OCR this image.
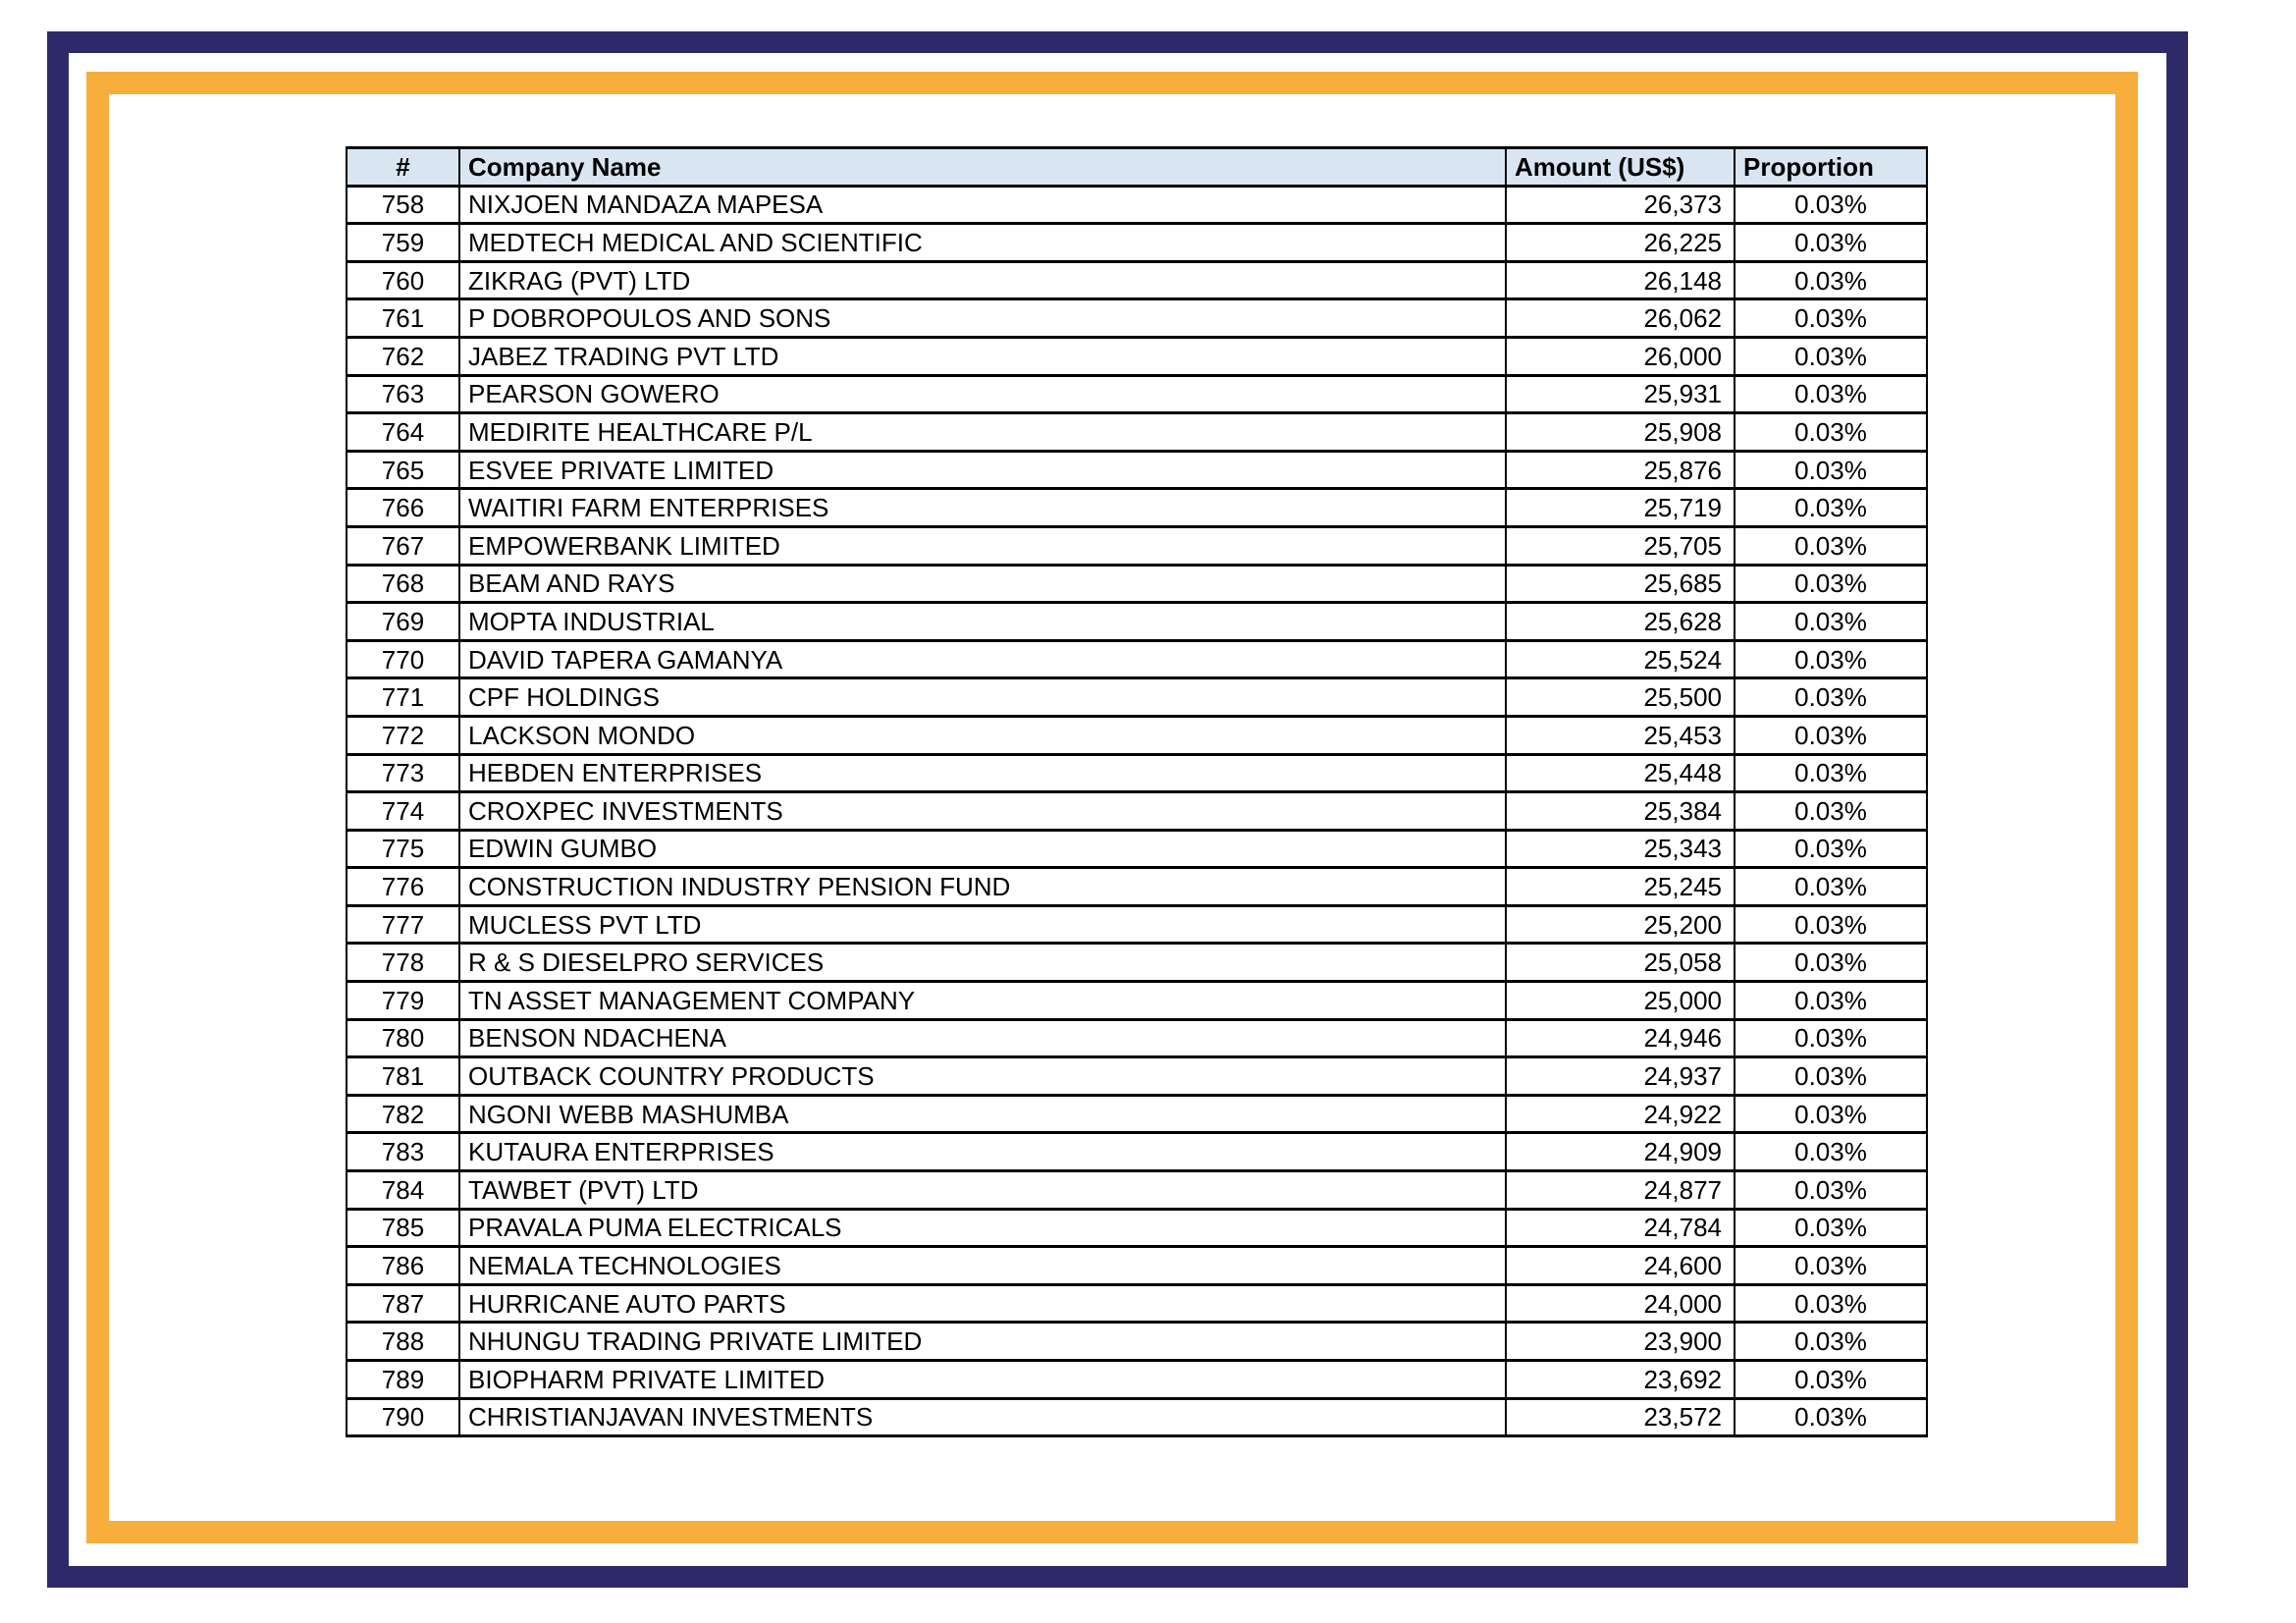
#	Company Name	Amount (US$)	Proportion
758	NIXJOEN MANDAZA MAPESA	26,373	0.03%
759	MEDTECH MEDICAL AND SCIENTIFIC	26,225	0.03%
760	ZIKRAG (PVT) LTD	26,148	0.03%
761	P DOBROPOULOS AND SONS	26,062	0.03%
762	JABEZ TRADING PVT LTD	26,000	0.03%
763	PEARSON GOWERO	25,931	0.03%
764	MEDIRITE HEALTHCARE P/L	25,908	0.03%
765	ESVEE PRIVATE LIMITED	25,876	0.03%
766	WAITIRI FARM ENTERPRISES	25,719	0.03%
767	EMPOWERBANK LIMITED	25,705	0.03%
768	BEAM AND RAYS	25,685	0.03%
769	MOPTA INDUSTRIAL	25,628	0.03%
770	DAVID TAPERA GAMANYA	25,524	0.03%
771	CPF HOLDINGS	25,500	0.03%
772	LACKSON MONDO	25,453	0.03%
773	HEBDEN ENTERPRISES	25,448	0.03%
774	CROXPEC INVESTMENTS	25,384	0.03%
775	EDWIN GUMBO	25,343	0.03%
776	CONSTRUCTION INDUSTRY PENSION FUND	25,245	0.03%
777	MUCLESS PVT LTD	25,200	0.03%
778	R & S DIESELPRO SERVICES	25,058	0.03%
779	TN ASSET MANAGEMENT COMPANY	25,000	0.03%
780	BENSON NDACHENA	24,946	0.03%
781	OUTBACK COUNTRY PRODUCTS	24,937	0.03%
782	NGONI WEBB MASHUMBA	24,922	0.03%
783	KUTAURA ENTERPRISES	24,909	0.03%
784	TAWBET (PVT) LTD	24,877	0.03%
785	PRAVALA PUMA ELECTRICALS	24,784	0.03%
786	NEMALA TECHNOLOGIES	24,600	0.03%
787	HURRICANE AUTO PARTS	24,000	0.03%
788	NHUNGU TRADING PRIVATE LIMITED	23,900	0.03%
789	BIOPHARM PRIVATE LIMITED	23,692	0.03%
790	CHRISTIANJAVAN INVESTMENTS	23,572	0.03%
